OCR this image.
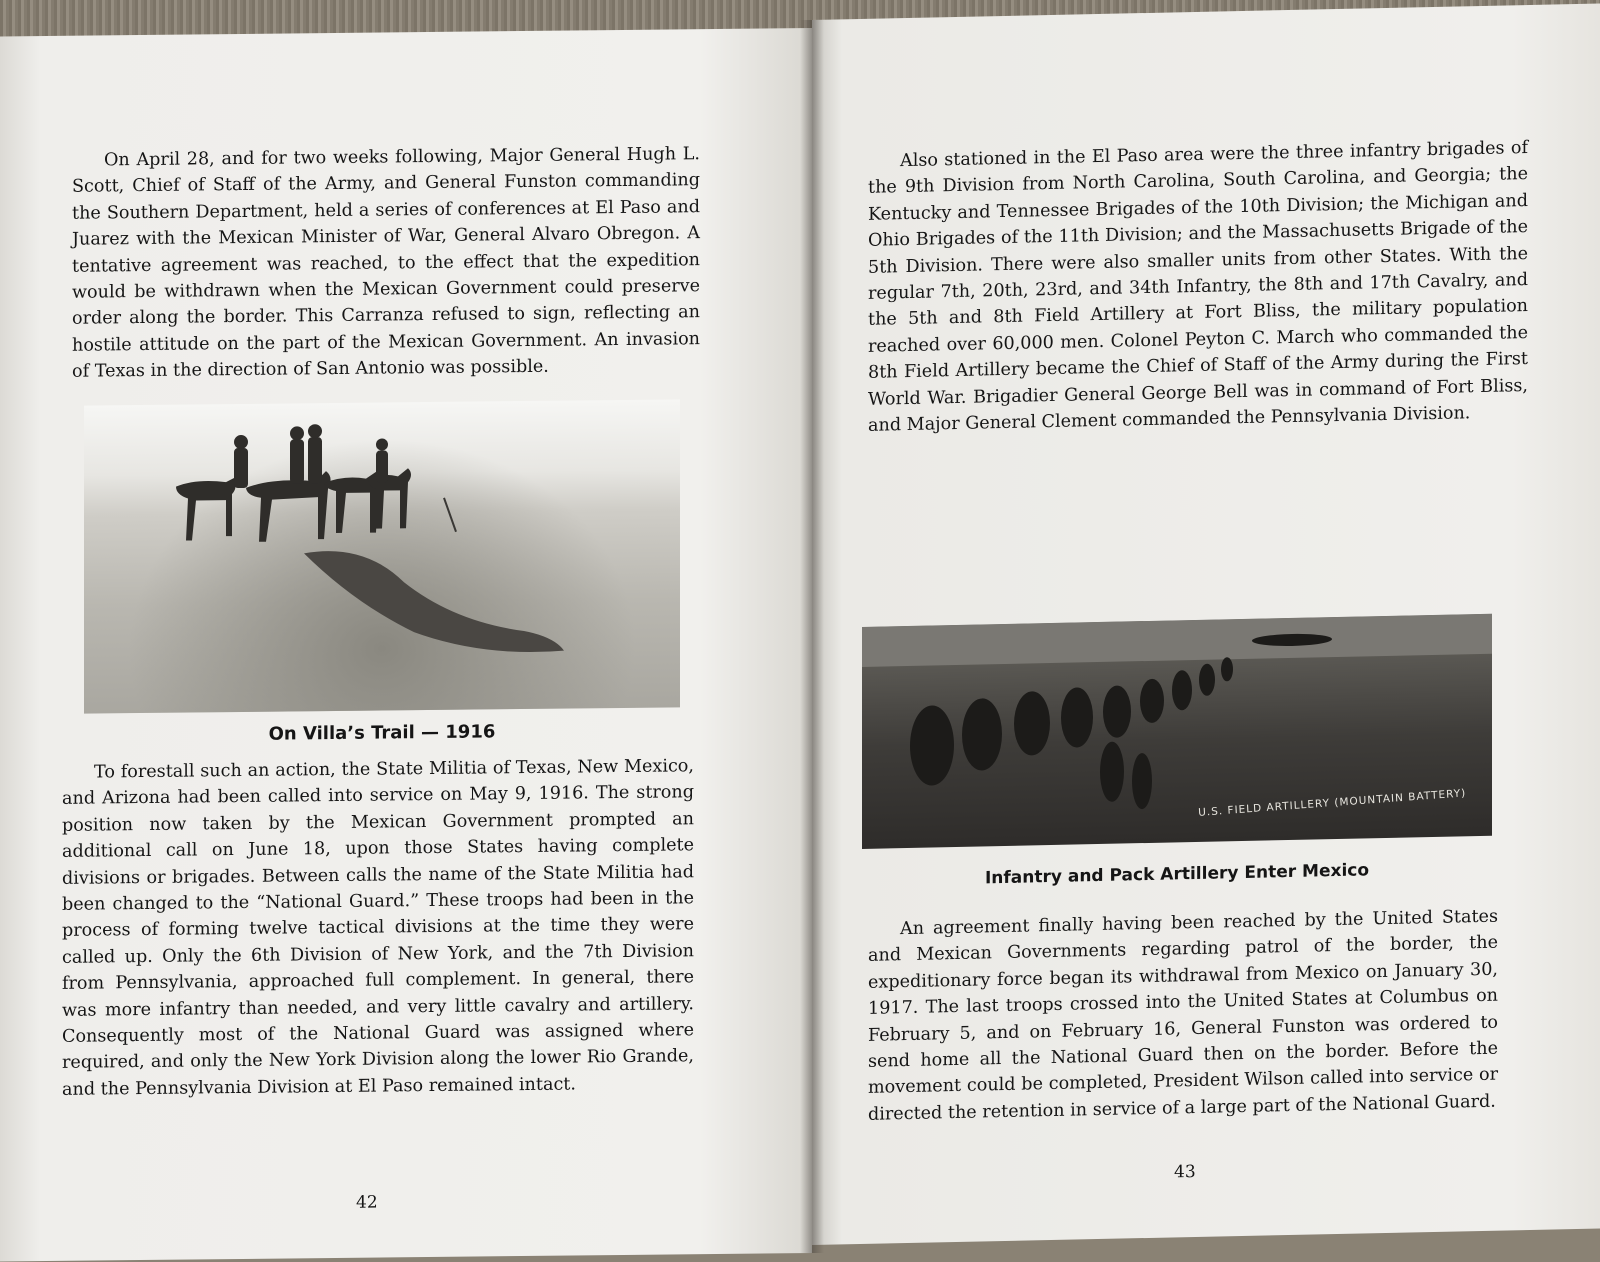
On April 28, and for two weeks following, Major General Hugh L. Scott, Chief of Staff of the Army, and General Funston commanding the Southern Department, held a series of conferences at El Paso and Juarez with the Mexican Minister of War, General Alvaro Obregon. A tentative agreement was reached, to the effect that the expedition would be withdrawn when the Mexican Government could preserve order along the border. This Carranza refused to sign, reflecting an hostile attitude on the part of the Mexican Government. An invasion of Texas in the direction of San Antonio was possible.

On Villa’s Trail — 1916

To forestall such an action, the State Militia of Texas, New Mexico, and Arizona had been called into service on May 9, 1916. The strong position now taken by the Mexican Government prompted an additional call on June 18, upon those States having complete divisions or brigades. Between calls the name of the State Militia had been changed to the “National Guard.” These troops had been in the process of forming twelve tactical divisions at the time they were called up. Only the 6th Division of New York, and the 7th Division from Pennsylvania, approached full complement. In general, there was more infantry than needed, and very little cavalry and artillery. Consequently most of the National Guard was assigned where required, and only the New York Division along the lower Rio Grande, and the Pennsylvania Division at El Paso remained intact.

42

Also stationed in the El Paso area were the three infantry brigades of the 9th Division from North Carolina, South Carolina, and Georgia; the Kentucky and Tennessee Brigades of the 10th Division; the Michigan and Ohio Brigades of the 11th Division; and the Massachusetts Brigade of the 5th Division. There were also smaller units from other States. With the regular 7th, 20th, 23rd, and 34th Infantry, the 8th and 17th Cavalry, and the 5th and 8th Field Artillery at Fort Bliss, the military population reached over 60,000 men. Colonel Peyton C. March who commanded the 8th Field Artillery became the Chief of Staff of the Army during the First World War. Brigadier General George Bell was in command of Fort Bliss, and Major General Clement commanded the Pennsylvania Division.

U.S. FIELD ARTILLERY (MOUNTAIN BATTERY)
Infantry and Pack Artillery Enter Mexico

An agreement finally having been reached by the United States and Mexican Governments regarding patrol of the border, the expeditionary force began its withdrawal from Mexico on January 30, 1917. The last troops crossed into the United States at Columbus on February 5, and on February 16, General Funston was ordered to send home all the National Guard then on the border. Before the movement could be completed, President Wilson called into service or directed the retention in service of a large part of the National Guard.

43
